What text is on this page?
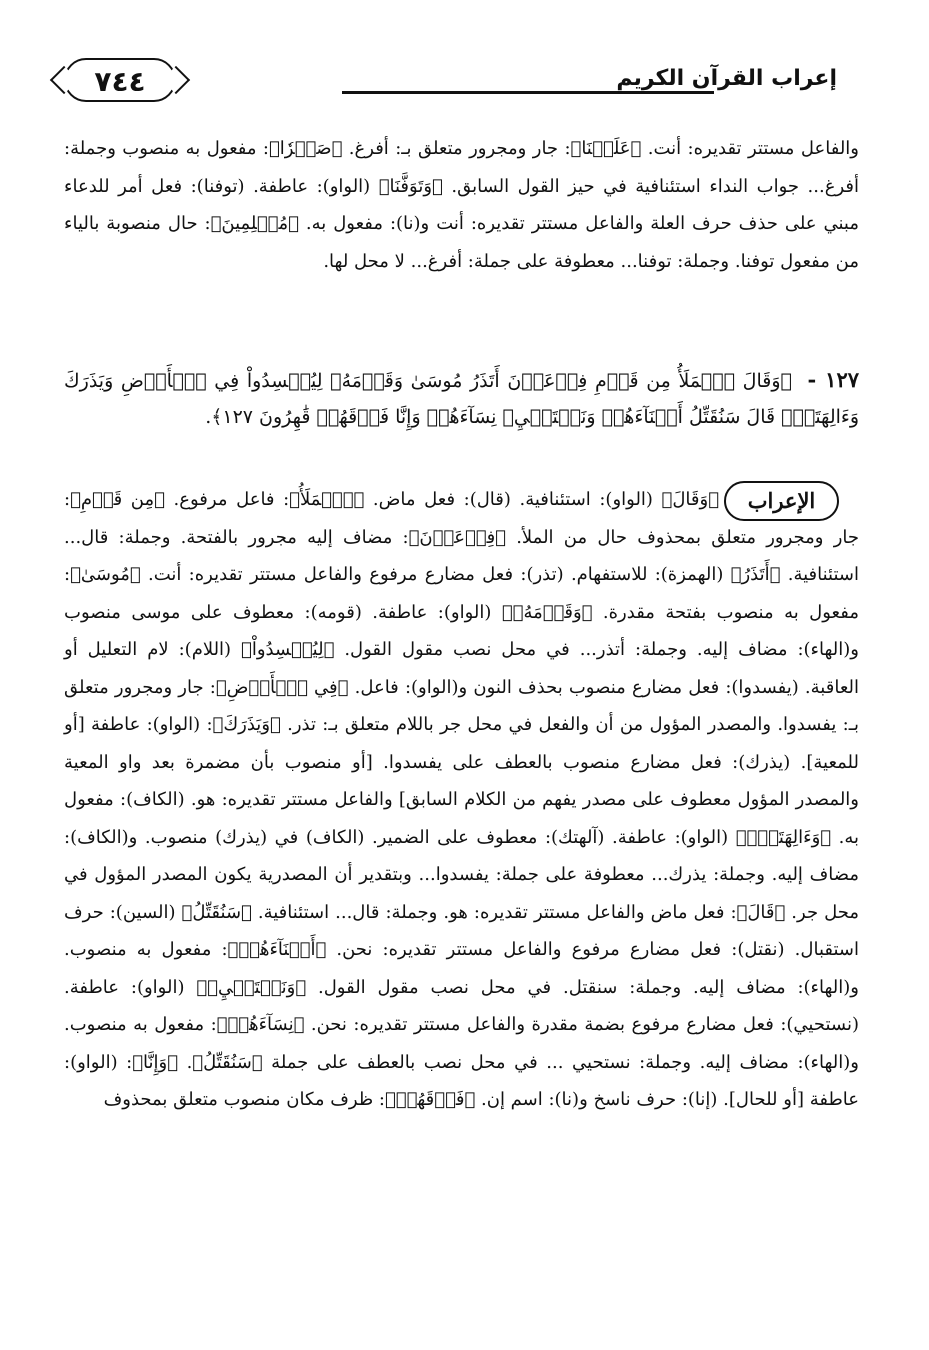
٧٤٤	إعراب القرآن الكريم
والفاعل مستتر تقديره: أنت. ﴿عَلَيۡنَا﴾: جار ومجرور متعلق بـ: أفرغ. ﴿صَبۡرٗا﴾: مفعول به منصوب وجملة: أفرغ... جواب النداء استئنافية في حيز القول السابق. ﴿وَتَوَفَّنَا﴾ (الواو): عاطفة. (توفنا): فعل أمر للدعاء مبني على حذف حرف العلة والفاعل مستتر تقديره: أنت و(نا): مفعول به. ﴿مُسۡلِمِينَ﴾: حال منصوبة بالياء من مفعول توفنا. وجملة: توفنا... معطوفة على جملة: أفرغ... لا محل لها.
١٢٧ - ﴿وَقَالَ ٱلۡمَلَأُ مِن قَوۡمِ فِرۡعَوۡنَ أَتَذَرُ مُوسَىٰ وَقَوۡمَهُۥ لِيُفۡسِدُواْ فِي ٱلۡأَرۡضِ وَيَذَرَكَ وَءَالِهَتَكَۚ قَالَ سَنُقَتِّلُ أَبۡنَآءَهُمۡ وَنَسۡتَحۡيِۦ نِسَآءَهُمۡ وَإِنَّا فَوۡقَهُمۡ قَٰهِرُونَ ١٢٧﴾.
الإعراب
﴿وَقَالَ﴾ (الواو): استئنافية. (قال): فعل ماض. ﴿ٱلۡمَلَأُ﴾: فاعل مرفوع. ﴿مِن قَوۡمِ﴾: جار ومجرور متعلق بمحذوف حال من الملأ. ﴿فِرۡعَوۡنَ﴾: مضاف إليه مجرور بالفتحة. وجملة: قال... استئنافية. ﴿أَتَذَرُ﴾ (الهمزة): للاستفهام. (تذر): فعل مضارع مرفوع والفاعل مستتر تقديره: أنت. ﴿مُوسَىٰ﴾: مفعول به منصوب بفتحة مقدرة. ﴿وَقَوۡمَهُۥ﴾ (الواو): عاطفة. (قومه): معطوف على موسى منصوب و(الهاء): مضاف إليه. وجملة: أتذر... في محل نصب مقول القول. ﴿لِيُفۡسِدُواْ﴾ (اللام): لام التعليل أو العاقبة. (يفسدوا): فعل مضارع منصوب بحذف النون و(الواو): فاعل. ﴿فِي ٱلۡأَرۡضِ﴾: جار ومجرور متعلق بـ: يفسدوا. والمصدر المؤول من أن والفعل في محل جر باللام متعلق بـ: تذر. ﴿وَيَذَرَكَ﴾: (الواو): عاطفة [أو للمعية]. (يذرك): فعل مضارع منصوب بالعطف على يفسدوا. [أو منصوب بأن مضمرة بعد واو المعية والمصدر المؤول معطوف على مصدر يفهم من الكلام السابق] والفاعل مستتر تقديره: هو. (الكاف): مفعول به. ﴿وَءَالِهَتَكَۚ﴾ (الواو): عاطفة. (آلهتك): معطوف على الضمير. (الكاف) في (يذرك) منصوب. و(الكاف): مضاف إليه. وجملة: يذرك... معطوفة على جملة: يفسدوا... وبتقدير أن المصدرية يكون المصدر المؤول في محل جر. ﴿قَالَ﴾: فعل ماض والفاعل مستتر تقديره: هو. وجملة: قال... استئنافية. ﴿سَنُقَتِّلُ﴾ (السين): حرف استقبال. (نقتل): فعل مضارع مرفوع والفاعل مستتر تقديره: نحن. ﴿أَبۡنَآءَهُمۡ﴾: مفعول به منصوب. و(الهاء): مضاف إليه. وجملة: سنقتل. في محل نصب مقول القول. ﴿وَنَسۡتَحۡيِۦ﴾ (الواو): عاطفة. (نستحيي): فعل مضارع مرفوع بضمة مقدرة والفاعل مستتر تقديره: نحن. ﴿نِسَآءَهُمۡ﴾: مفعول به منصوب. و(الهاء): مضاف إليه. وجملة: نستحيي ... في محل نصب بالعطف على جملة ﴿سَنُقَتِّلُ﴾. ﴿وَإِنَّا﴾: (الواو): عاطفة [أو للحال]. (إنا): حرف ناسخ و(نا): اسم إن. ﴿فَوۡقَهُمۡ﴾: ظرف مكان منصوب متعلق بمحذوف
